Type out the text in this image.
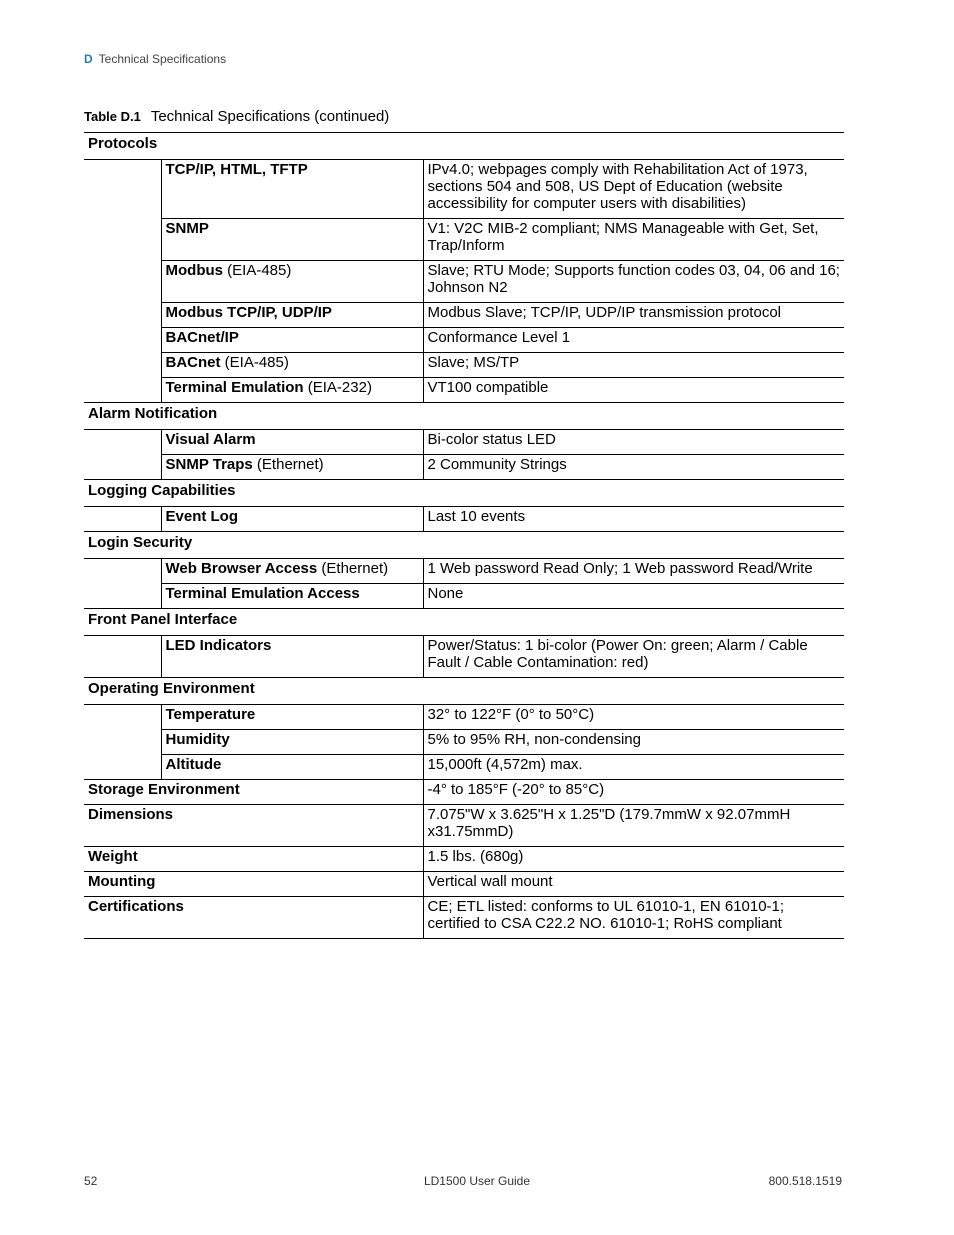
D Technical Specifications
Table D.1 Technical Specifications (continued)

Protocols		

	TCP/IP, HTML, TFTP	IPv4.0; webpages comply with Rehabilitation Act of 1973, sections 504 and 508, US Dept of Education (website accessibility for computer users with disabilities)

	SNMP	V1: V2C MIB-2 compliant; NMS Manageable with Get, Set, Trap/Inform

	Modbus (EIA-485)	Slave; RTU Mode; Supports function codes 03, 04, 06 and 16; Johnson N2

	Modbus TCP/IP, UDP/IP	Modbus Slave; TCP/IP, UDP/IP transmission protocol

	BACnet/IP	Conformance Level 1

	BACnet (EIA-485)	Slave; MS/TP

	Terminal Emulation (EIA-232)	VT100 compatible

Alarm Notification		

	Visual Alarm	Bi-color status LED

	SNMP Traps (Ethernet)	2 Community Strings

Logging Capabilities		

	Event Log	Last 10 events

Login Security		

	Web Browser Access (Ethernet)	1 Web password Read Only; 1 Web password Read/Write

	Terminal Emulation Access	None

Front Panel Interface		

	LED Indicators	Power/Status: 1 bi-color (Power On: green; Alarm / Cable Fault / Cable Contamination: red)

Operating Environment		

	Temperature	32° to 122°F (0° to 50°C)

	Humidity	5% to 95% RH, non-condensing

	Altitude	15,000ft (4,572m) max.

Storage Environment		-4° to 185°F (-20° to 85°C)

Dimensions		7.075"W x 3.625"H x 1.25"D (179.7mmW x 92.07mmH x31.75mmD)

Weight		1.5 lbs. (680g)

Mounting		Vertical wall mount

Certifications		CE; ETL listed: conforms to UL 61010-1, EN 61010-1; certified to CSA C22.2 NO. 61010-1; RoHS compliant
52	LD1500 User Guide	800.518.1519
